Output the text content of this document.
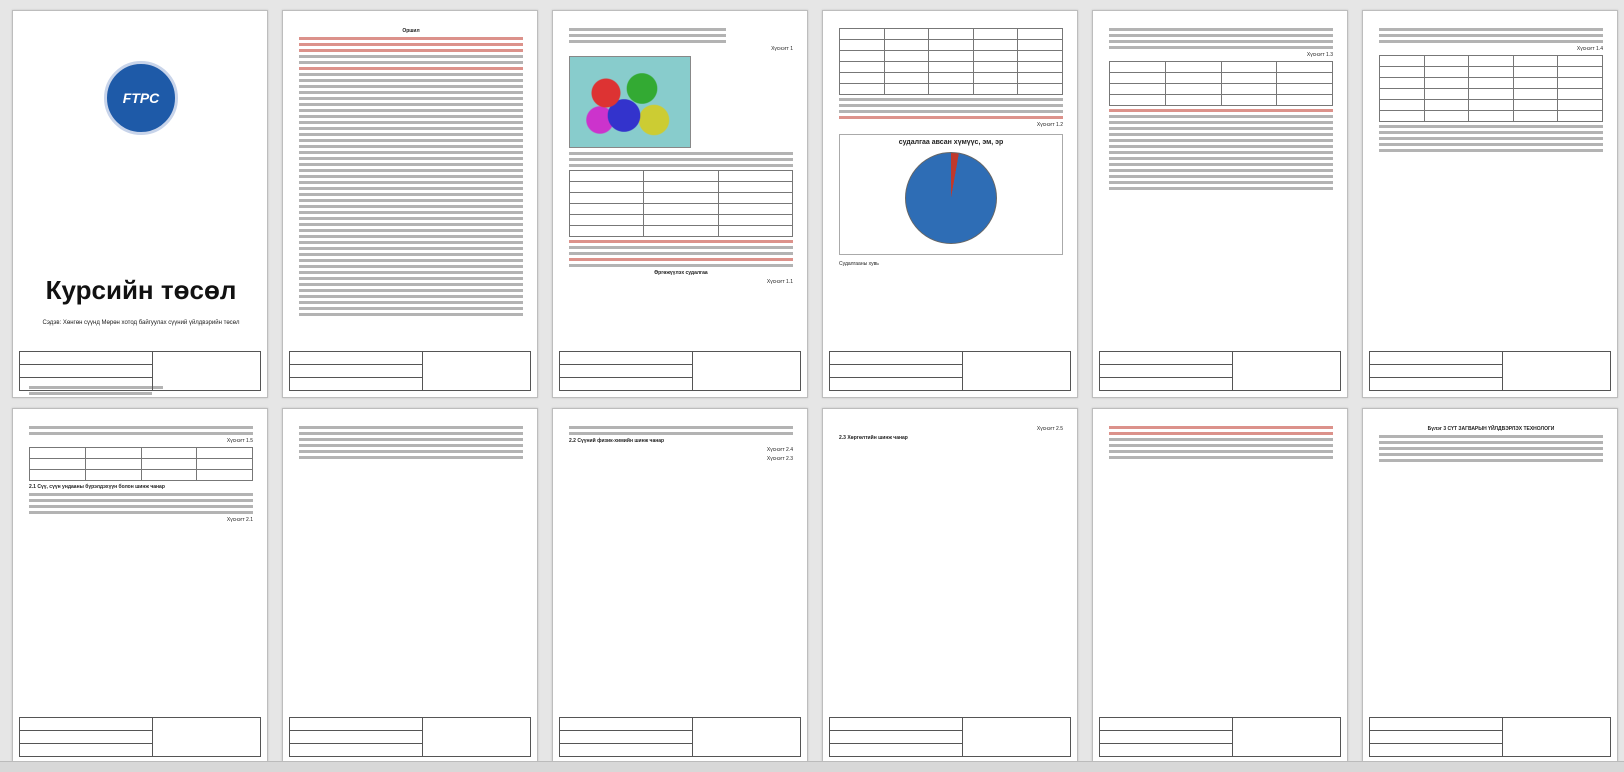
FTPC
Курсийн төсөл
Сэдэв: Хөнгөн сүүнд Мөрөн хотод байгуулах сүүний үйлдвэрийн төсөл
Оршил
Хүснэгт 1

Өргөжүүлэх судалгаа
Хүснэгт 1.1

Хүснэгт 1.2
судалгаа авсан хүмүүс, эм, эр
Судалгааны хувь
Хүснэгт 1.3

Хүснэгт 1.4

Хүснэгт 1.5

2.1 Сүү, сүүн ундааны бүрэлдэхүүн болон шинж чанар
Хүснэгт 2.1
2.2 Сүүний физик-химийн шинж чанар
Хүснэгт 2.4
Хүснэгт 2.3
Хүснэгт 2.5
2.3 Хөргөлтийн шинж чанар
Бүлэг 3 СҮТ ЗАГВАРЫН ҮЙЛДВЭРЛЭХ ТЕХНОЛОГИ
